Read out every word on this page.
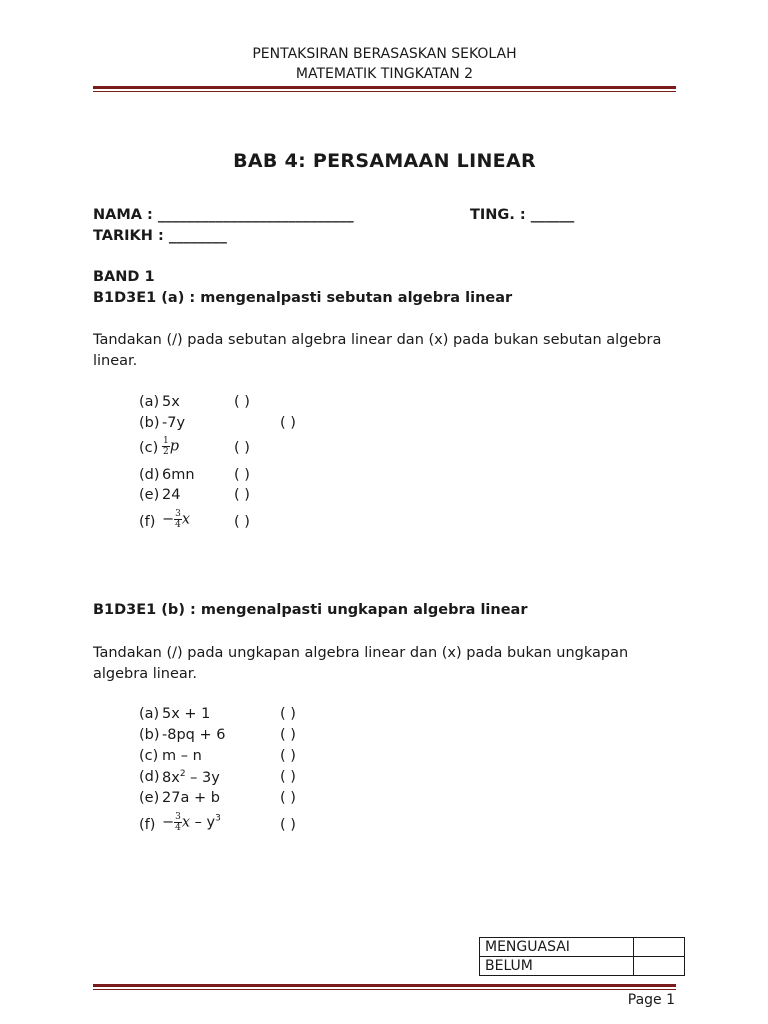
PENTAKSIRAN BERASASKAN SEKOLAH
MATEMATIK TINGKATAN 2
BAB 4: PERSAMAAN LINEAR
NAMA : ___________________________	TING. : ______
TARIKH : ________
BAND 1
B1D3E1 (a) : mengenalpasti sebutan algebra linear
Tandakan (/) pada sebutan algebra linear dan (x) pada bukan sebutan algebra linear.
(a) 5x	( )
(b) -7y	( )
$(c) \frac{1}{2}$ p	( )
(d) 6mn	( )
(e) 24	( )
$(f) - \frac{3}{4}$ x	( )
B1D3E1 (b) : mengenalpasti ungkapan algebra linear
Tandakan (/) pada ungkapan algebra linear dan (x) pada bukan ungkapan algebra linear.
(a) 5x + 1	( )
(b) -8pq + 6	( )
(c) m – n	( )
(d) $8x^2 - 3y$	( )
(e) 27a + b	( )
$(f) - \frac{3}{4}$ x – $y^3$	( )
MENGUASAI	
BELUM	
Page 1
